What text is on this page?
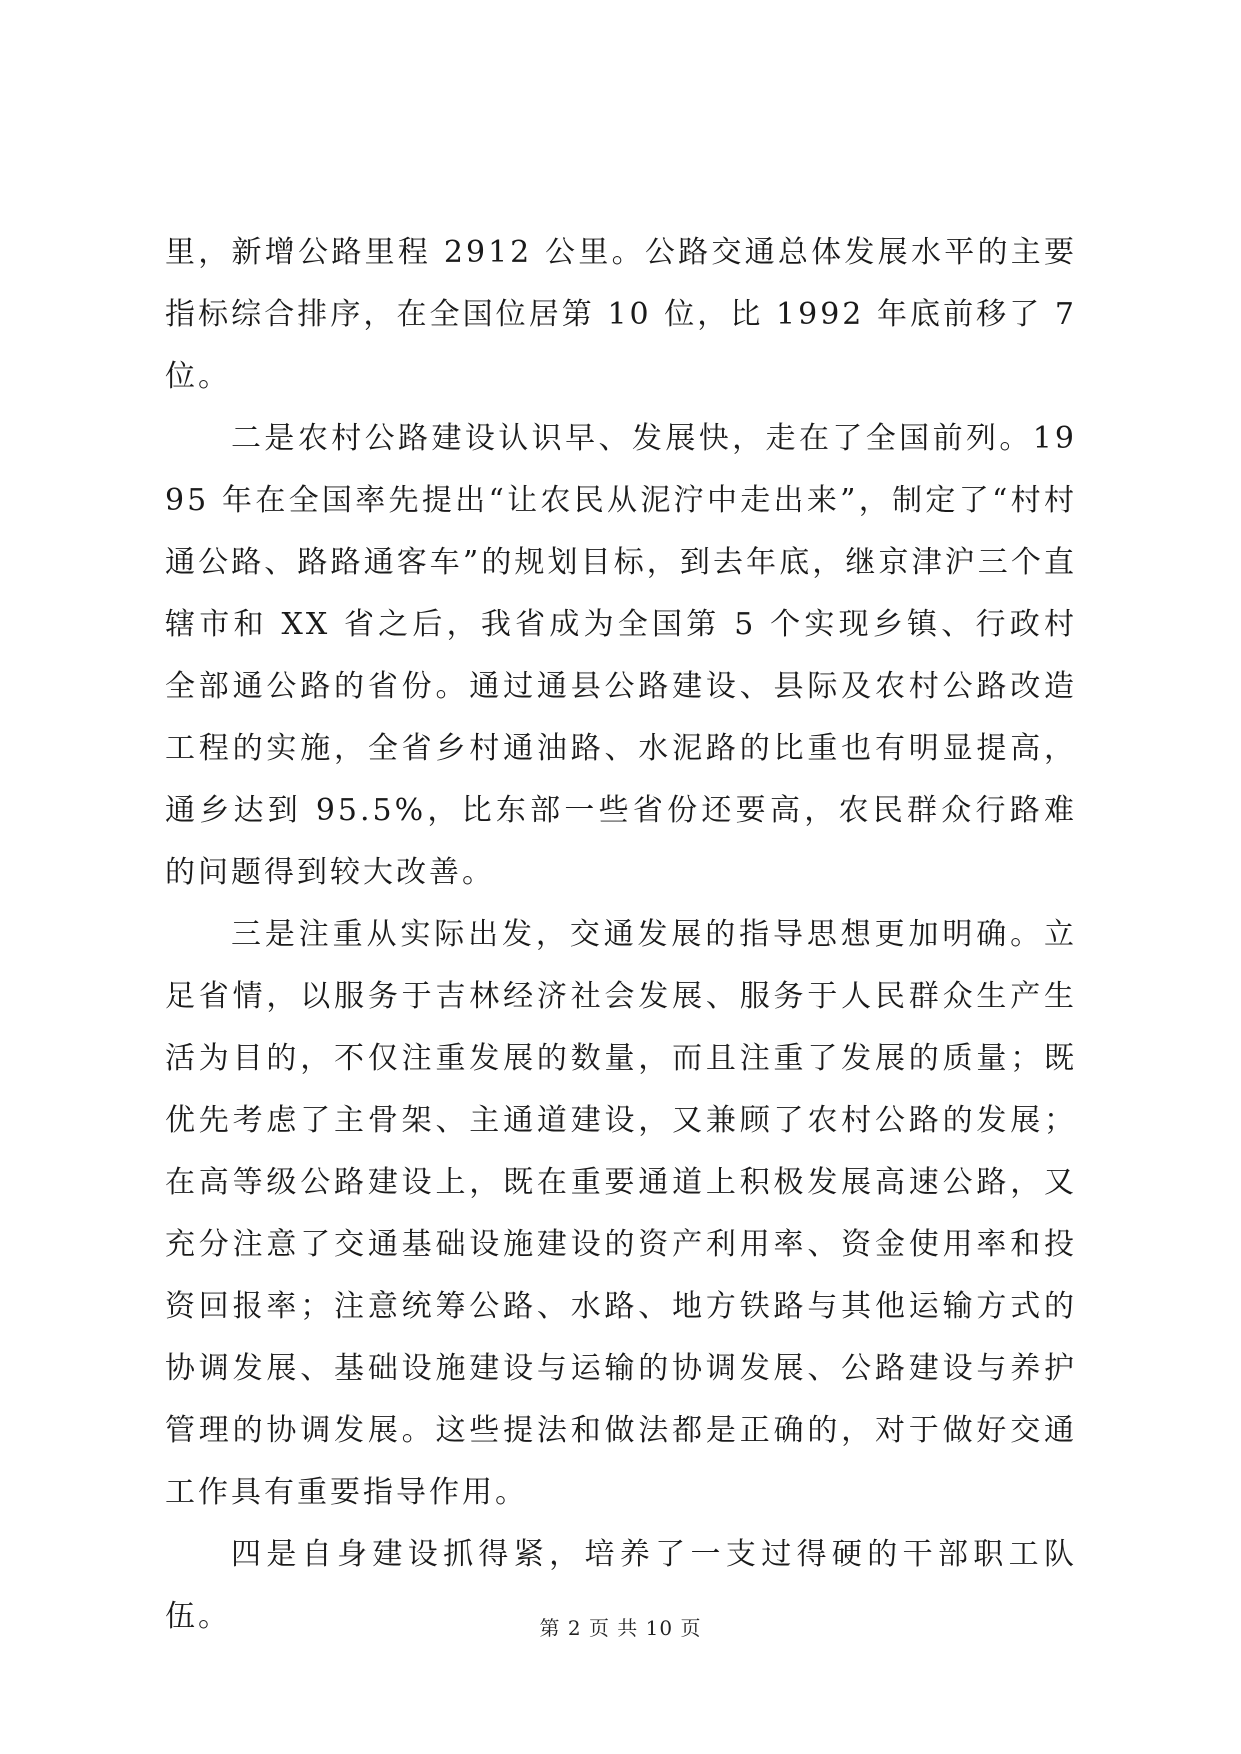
里，新增公路里程 2912 公里。公路交通总体发展水平的主要指标综合排序，在全国位居第 10 位，比 1992 年底前移了 7 位。

二是农村公路建设认识早、发展快，走在了全国前列。1995 年在全国率先提出“让农民从泥泞中走出来”，制定了“村村通公路、路路通客车”的规划目标，到去年底，继京津沪三个直辖市和 XX 省之后，我省成为全国第 5 个实现乡镇、行政村全部通公路的省份。通过通县公路建设、县际及农村公路改造工程的实施，全省乡村通油路、水泥路的比重也有明显提高，通乡达到 95.5%，比东部一些省份还要高，农民群众行路难的问题得到较大改善。

三是注重从实际出发，交通发展的指导思想更加明确。立足省情，以服务于吉林经济社会发展、服务于人民群众生产生活为目的，不仅注重发展的数量，而且注重了发展的质量；既优先考虑了主骨架、主通道建设，又兼顾了农村公路的发展；在高等级公路建设上，既在重要通道上积极发展高速公路，又充分注意了交通基础设施建设的资产利用率、资金使用率和投资回报率；注意统筹公路、水路、地方铁路与其他运输方式的协调发展、基础设施建设与运输的协调发展、公路建设与养护管理的协调发展。这些提法和做法都是正确的，对于做好交通工作具有重要指导作用。

四是自身建设抓得紧，培养了一支过得硬的干部职工队伍。	第 2 页 共 10 页
